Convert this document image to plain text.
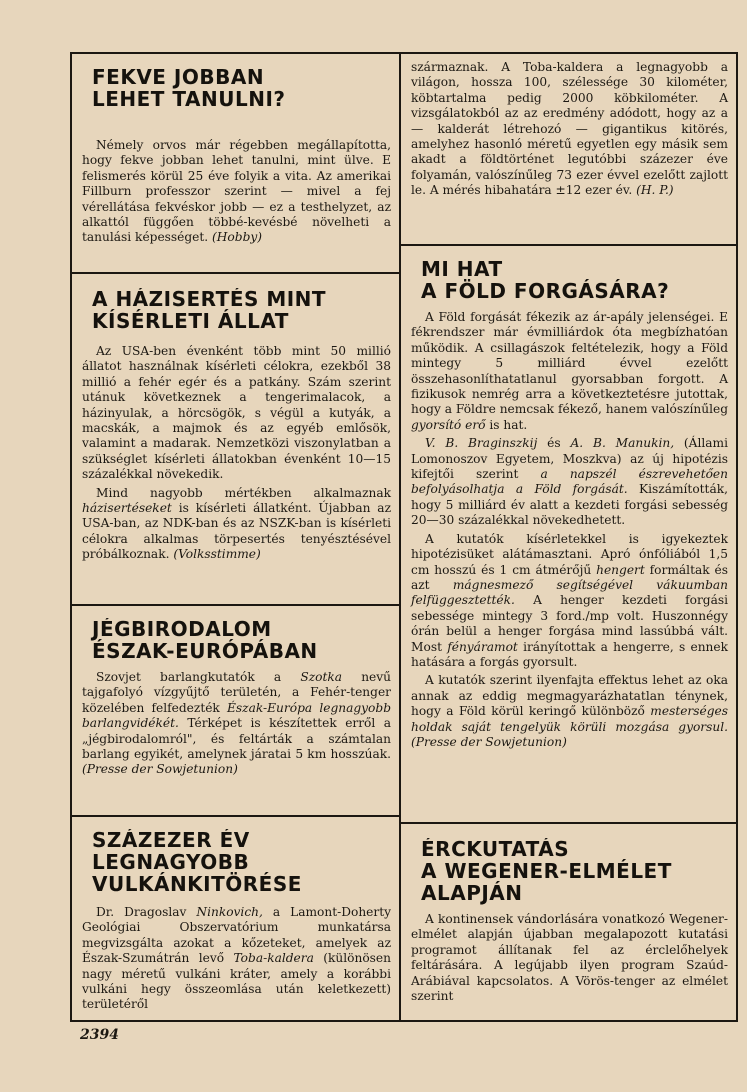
FEKVE JOBBAN
LEHET TANULNI?

Némely orvos már régebben megállapította, hogy fekve jobban lehet tanulni, mint ülve. E felismerés körül 25 éve folyik a vita. Az amerikai Fillburn professzor szerint — mivel a fej vérellátása fekvéskor jobb — ez a testhelyzet, az alkattól függően többé-kevésbé növelheti a tanulási képességet. (Hobby)

A HÁZISERTÉS MINT
KÍSÉRLETI ÁLLAT

Az USA-ben évenként több mint 50 millió állatot használnak kísérleti célokra, ezekből 38 millió a fehér egér és a patkány. Szám szerint utánuk következnek a tengerimalacok, a házinyulak, a hörcsögök, s végül a kutyák, a macskák, a majmok és az egyéb emlősök, valamint a madarak. Nemzetközi viszonylatban a szükséglet kísérleti állatokban évenként 10—15 százalékkal növekedik.

Mind nagyobb mértékben alkalmaznak házisertéseket is kísérleti állatként. Újabban az USA-ban, az NDK-ban és az NSZK-ban is kísérleti célokra alkalmas törpesertés tenyésztésével próbálkoznak. (Volksstimme)

JÉGBIRODALOM
ÉSZAK-EURÓPÁBAN

Szovjet barlangkutatók a Szotka nevű tajgafolyó vízgyűjtő területén, a Fehér-tenger közelében felfedezték Észak-Európa legnagyobb barlangvidékét. Térképet is készítettek erről a „jégbirodalomról", és feltárták a számtalan barlang egyikét, amelynek járatai 5 km hosszúak. (Presse der Sowjetunion)

SZÁZEZER ÉV
LEGNAGYOBB
VULKÁNKITÖRÉSE

Dr. Dragoslav Ninkovich, a Lamont-Doherty Geológiai Obszervatórium munkatársa megvizsgálta azokat a kőzeteket, amelyek az Észak-Szumátrán levő Toba-kaldera (különösen nagy méretű vulkáni kráter, amely a korábbi vulkáni hegy összeomlása után keletkezett) területéről

származnak. A Toba-kaldera a legnagyobb a világon, hossza 100, szélessége 30 kilométer, köbtartalma pedig 2000 köbkilométer. A vizsgálatokból az az eredmény adódott, hogy az a — kalderát létrehozó — gigantikus kitörés, amelyhez hasonló méretű egyetlen egy másik sem akadt a földtörténet legutóbbi százezer éve folyamán, valószínűleg 73 ezer évvel ezelőtt zajlott le. A mérés hibahatára ±12 ezer év. (H. P.)

MI HAT
A FÖLD FORGÁSÁRA?

A Föld forgását fékezik az ár-apály jelenségei. E fékrendszer már évmilliárdok óta megbízhatóan működik. A csillagászok feltételezik, hogy a Föld mintegy 5 milliárd évvel ezelőtt összehasonlíthatatlanul gyorsabban forgott. A fizikusok nemrég arra a következtetésre jutottak, hogy a Földre nemcsak fékező, hanem valószínűleg gyorsító erő is hat.

V. B. Braginszkij és A. B. Manukin, (Állami Lomonoszov Egyetem, Moszkva) az új hipotézis kifejtői szerint a napszél észrevehetően befolyásolhatja a Föld forgását. Kiszámították, hogy 5 milliárd év alatt a kezdeti forgási sebesség 20—30 százalékkal növekedhetett.

A kutatók kísérletekkel is igyekeztek hipotézisüket alátámasztani. Apró ónfóliából 1,5 cm hosszú és 1 cm átmérőjű hengert formáltak és azt mágnesmező segítségével vákuumban felfüggesztették. A henger kezdeti forgási sebessége mintegy 3 ford./mp volt. Huszonnégy órán belül a henger forgása mind lassúbbá vált. Most fényáramot irányítottak a hengerre, s ennek hatására a forgás gyorsult.

A kutatók szerint ilyenfajta effektus lehet az oka annak az eddig megmagyarázhatatlan ténynek, hogy a Föld körül keringő különböző mesterséges holdak saját tengelyük körüli mozgása gyorsul. (Presse der Sowjetunion)

ÉRCKUTATÁS
A WEGENER-ELMÉLET
ALAPJÁN

A kontinensek vándorlására vonatkozó Wegener-elmélet alapján újabban megalapozott kutatási programot állítanak fel az érclelőhelyek feltárására. A legújabb ilyen program Szaúd-Arábiával kapcsolatos. A Vörös-tenger az elmélet szerint

2394
